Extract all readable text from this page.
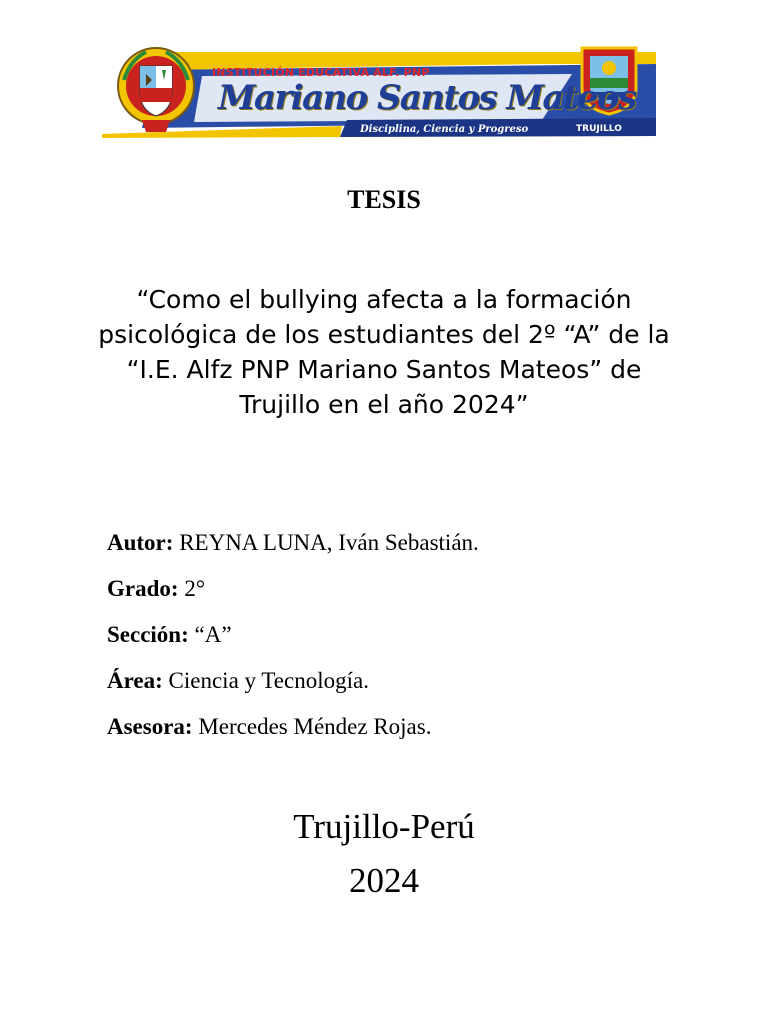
INSTITUCIÓN EDUCATIVA ALF. PNP
Mariano Santos Mateos
Disciplina, Ciencia y Progreso	TRUJILLO
TESIS
“Como el bullying afecta a la formación psicológica de los estudiantes del 2º “A” de la “I.E. Alfz PNP Mariano Santos Mateos” de Trujillo en el año 2024”
Autor: REYNA LUNA, Iván Sebastián.
Grado: 2°
Sección: “A”
Área: Ciencia y Tecnología.
Asesora: Mercedes Méndez Rojas.
Trujillo-Perú
2024
